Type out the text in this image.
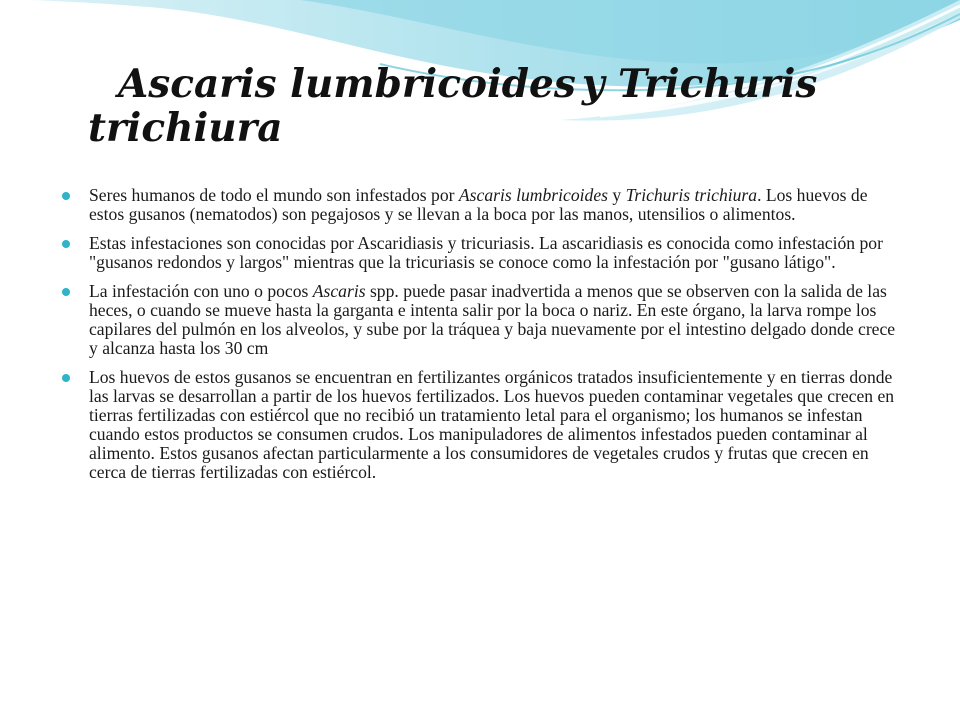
Ascaris lumbricoides y Trichuris
trichiura
Seres humanos de todo el mundo son infestados por Ascaris lumbricoides y Trichuris trichiura. Los huevos de estos gusanos (nematodos) son pegajosos y se llevan a la boca por las manos, utensilios o alimentos.
Estas infestaciones son conocidas por Ascaridiasis y tricuriasis. La ascaridiasis es conocida como infestación por "gusanos redondos y largos" mientras que la tricuriasis se conoce como la infestación por "gusano látigo".
La infestación con uno o pocos Ascaris spp. puede pasar inadvertida a menos que se observen con la salida de las heces, o cuando se mueve hasta la garganta e intenta salir por la boca o nariz. En este órgano, la larva rompe los capilares del pulmón en los alveolos, y sube por la tráquea y baja nuevamente por el intestino delgado donde crece y alcanza hasta los 30 cm
Los huevos de estos gusanos se encuentran en fertilizantes orgánicos tratados insuficientemente y en tierras donde las larvas se desarrollan a partir de los huevos fertilizados. Los huevos pueden contaminar vegetales que crecen en tierras fertilizadas con estiércol que no recibió un tratamiento letal para el organismo; los humanos se infestan cuando estos productos se consumen crudos. Los manipuladores de alimentos infestados pueden contaminar al alimento. Estos gusanos afectan particularmente a los consumidores de vegetales crudos y frutas que crecen en cerca de tierras fertilizadas con estiércol.
